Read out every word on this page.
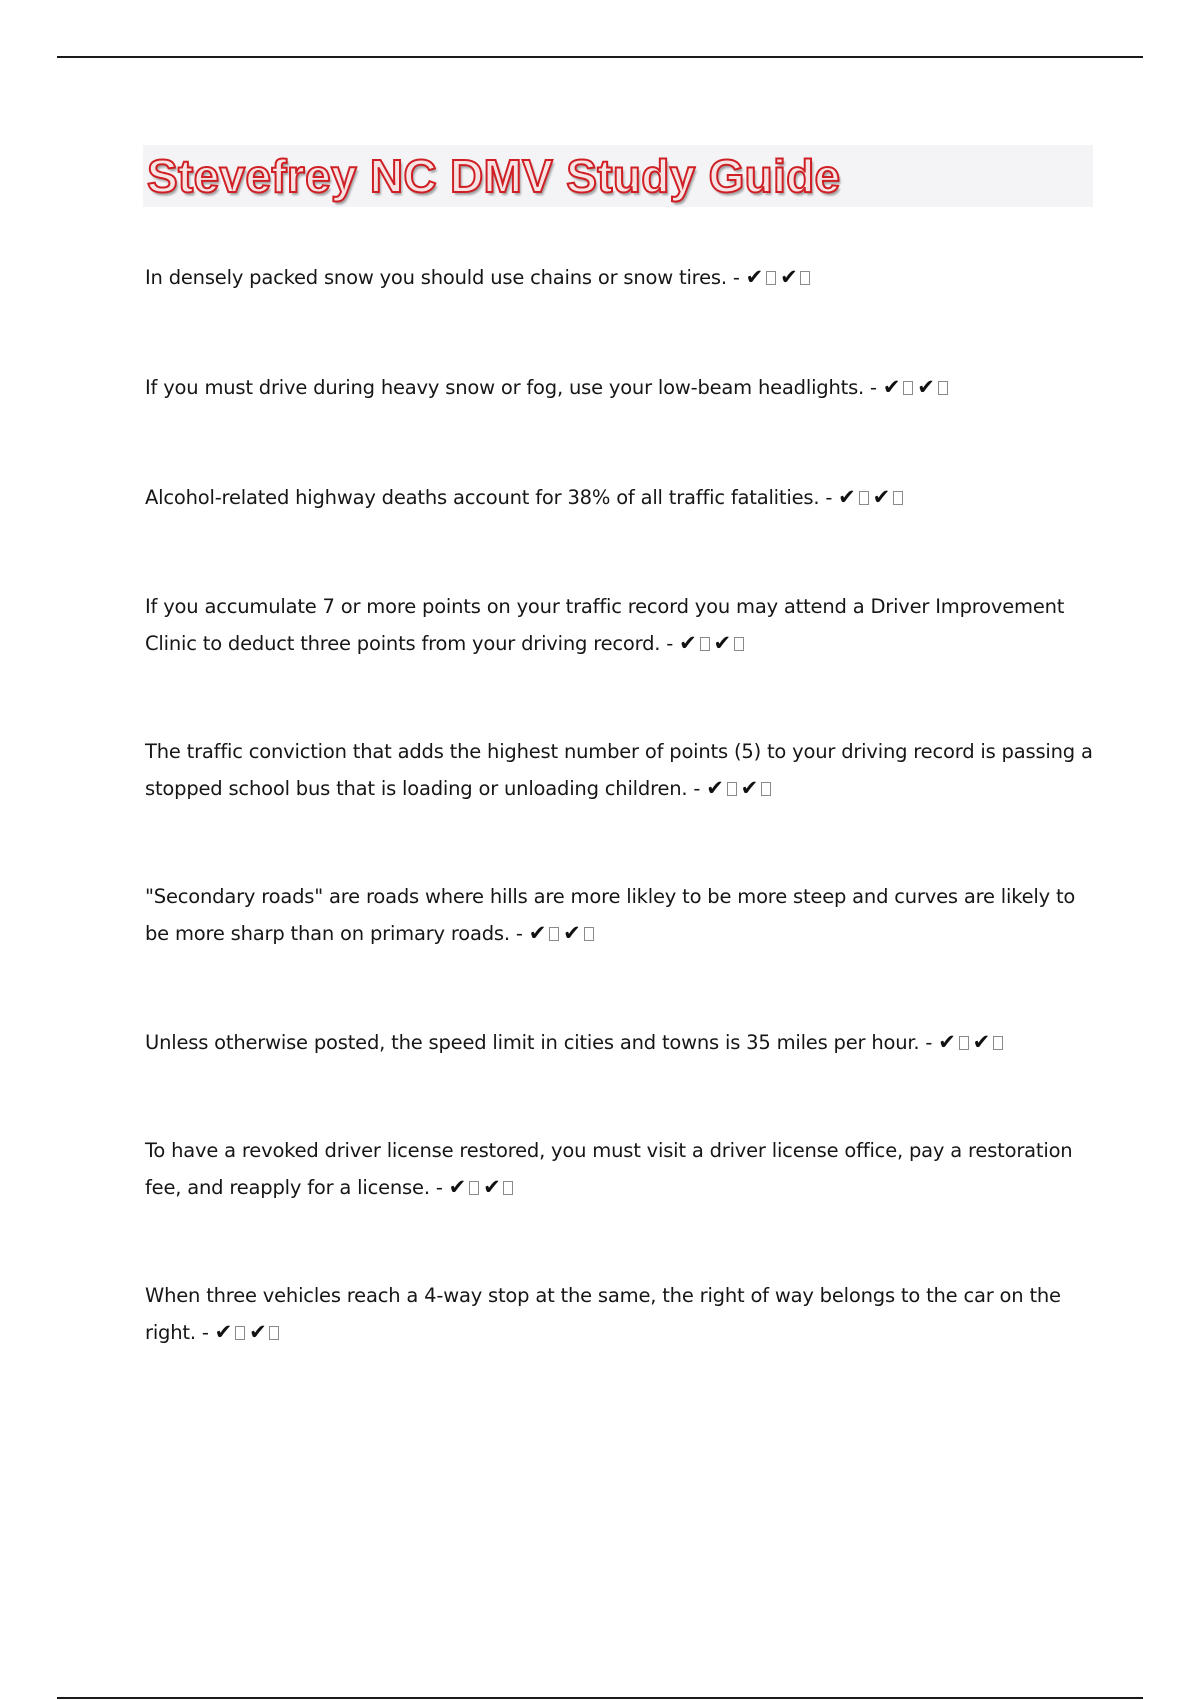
Stevefrey NC DMV Study Guide
In densely packed snow you should use chains or snow tires. - ✔ ✔
If you must drive during heavy snow or fog, use your low-beam headlights. - ✔ ✔
Alcohol-related highway deaths account for 38% of all traffic fatalities. - ✔ ✔
If you accumulate 7 or more points on your traffic record you may attend a Driver Improvement Clinic to deduct three points from your driving record. - ✔ ✔
The traffic conviction that adds the highest number of points (5) to your driving record is passing a stopped school bus that is loading or unloading children. - ✔ ✔
"Secondary roads" are roads where hills are more likley to be more steep and curves are likely to be more sharp than on primary roads. - ✔ ✔
Unless otherwise posted, the speed limit in cities and towns is 35 miles per hour. - ✔ ✔
To have a revoked driver license restored, you must visit a driver license office, pay a restoration fee, and reapply for a license. - ✔ ✔
When three vehicles reach a 4-way stop at the same, the right of way belongs to the car on the right. - ✔ ✔
